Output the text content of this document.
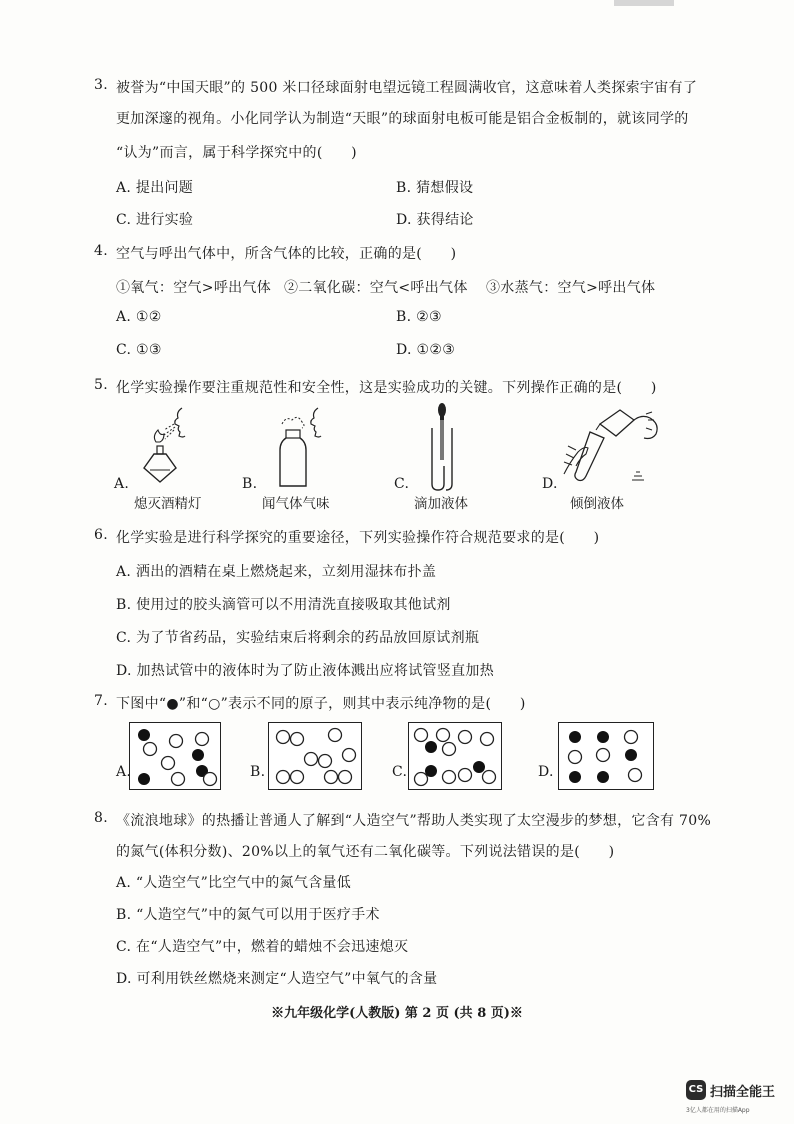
3. 被誉为“中国天眼”的 500 米口径球面射电望远镜工程圆满收官，这意味着人类探索宇宙有了
更加深邃的视角。小化同学认为制造“天眼”的球面射电板可能是铝合金板制的，就该同学的
“认为”而言，属于科学探究中的(　　)
A. 提出问题	B. 猜想假设
C. 进行实验	D. 获得结论
4. 空气与呼出气体中，所含气体的比较，正确的是(　　)
①氧气：空气>呼出气体 ②二氧化碳：空气<呼出气体 ③水蒸气：空气>呼出气体
A. ①②	B. ②③
C. ①③	D. ①②③
5. 化学实验操作要注重规范性和安全性，这是实验成功的关键。下列操作正确的是(　　)
A.
熄灭酒精灯
B.
闻气体气味
C.
滴加液体
D.
倾倒液体
6. 化学实验是进行科学探究的重要途径，下列实验操作符合规范要求的是(　　)
A. 洒出的酒精在桌上燃烧起来，立刻用湿抹布扑盖
B. 使用过的胶头滴管可以不用清洗直接吸取其他试剂
C. 为了节省药品，实验结束后将剩余的药品放回原试剂瓶
D. 加热试管中的液体时为了防止液体溅出应将试管竖直加热
7. 下图中“●”和“○”表示不同的原子，则其中表示纯净物的是(　　)
A.	B.	C.	D.
8. 《流浪地球》的热播让普通人了解到“人造空气”帮助人类实现了太空漫步的梦想，它含有 70%
的氮气(体积分数)、20%以上的氧气还有二氧化碳等。下列说法错误的是(　　)
A. “人造空气”比空气中的氮气含量低
B. “人造空气”中的氮气可以用于医疗手术
C. 在“人造空气”中，燃着的蜡烛不会迅速熄灭
D. 可利用铁丝燃烧来测定“人造空气”中氧气的含量
※九年级化学(人教版) 第 2 页 (共 8 页)※
CS 扫描全能王
3亿人都在用的扫描App
